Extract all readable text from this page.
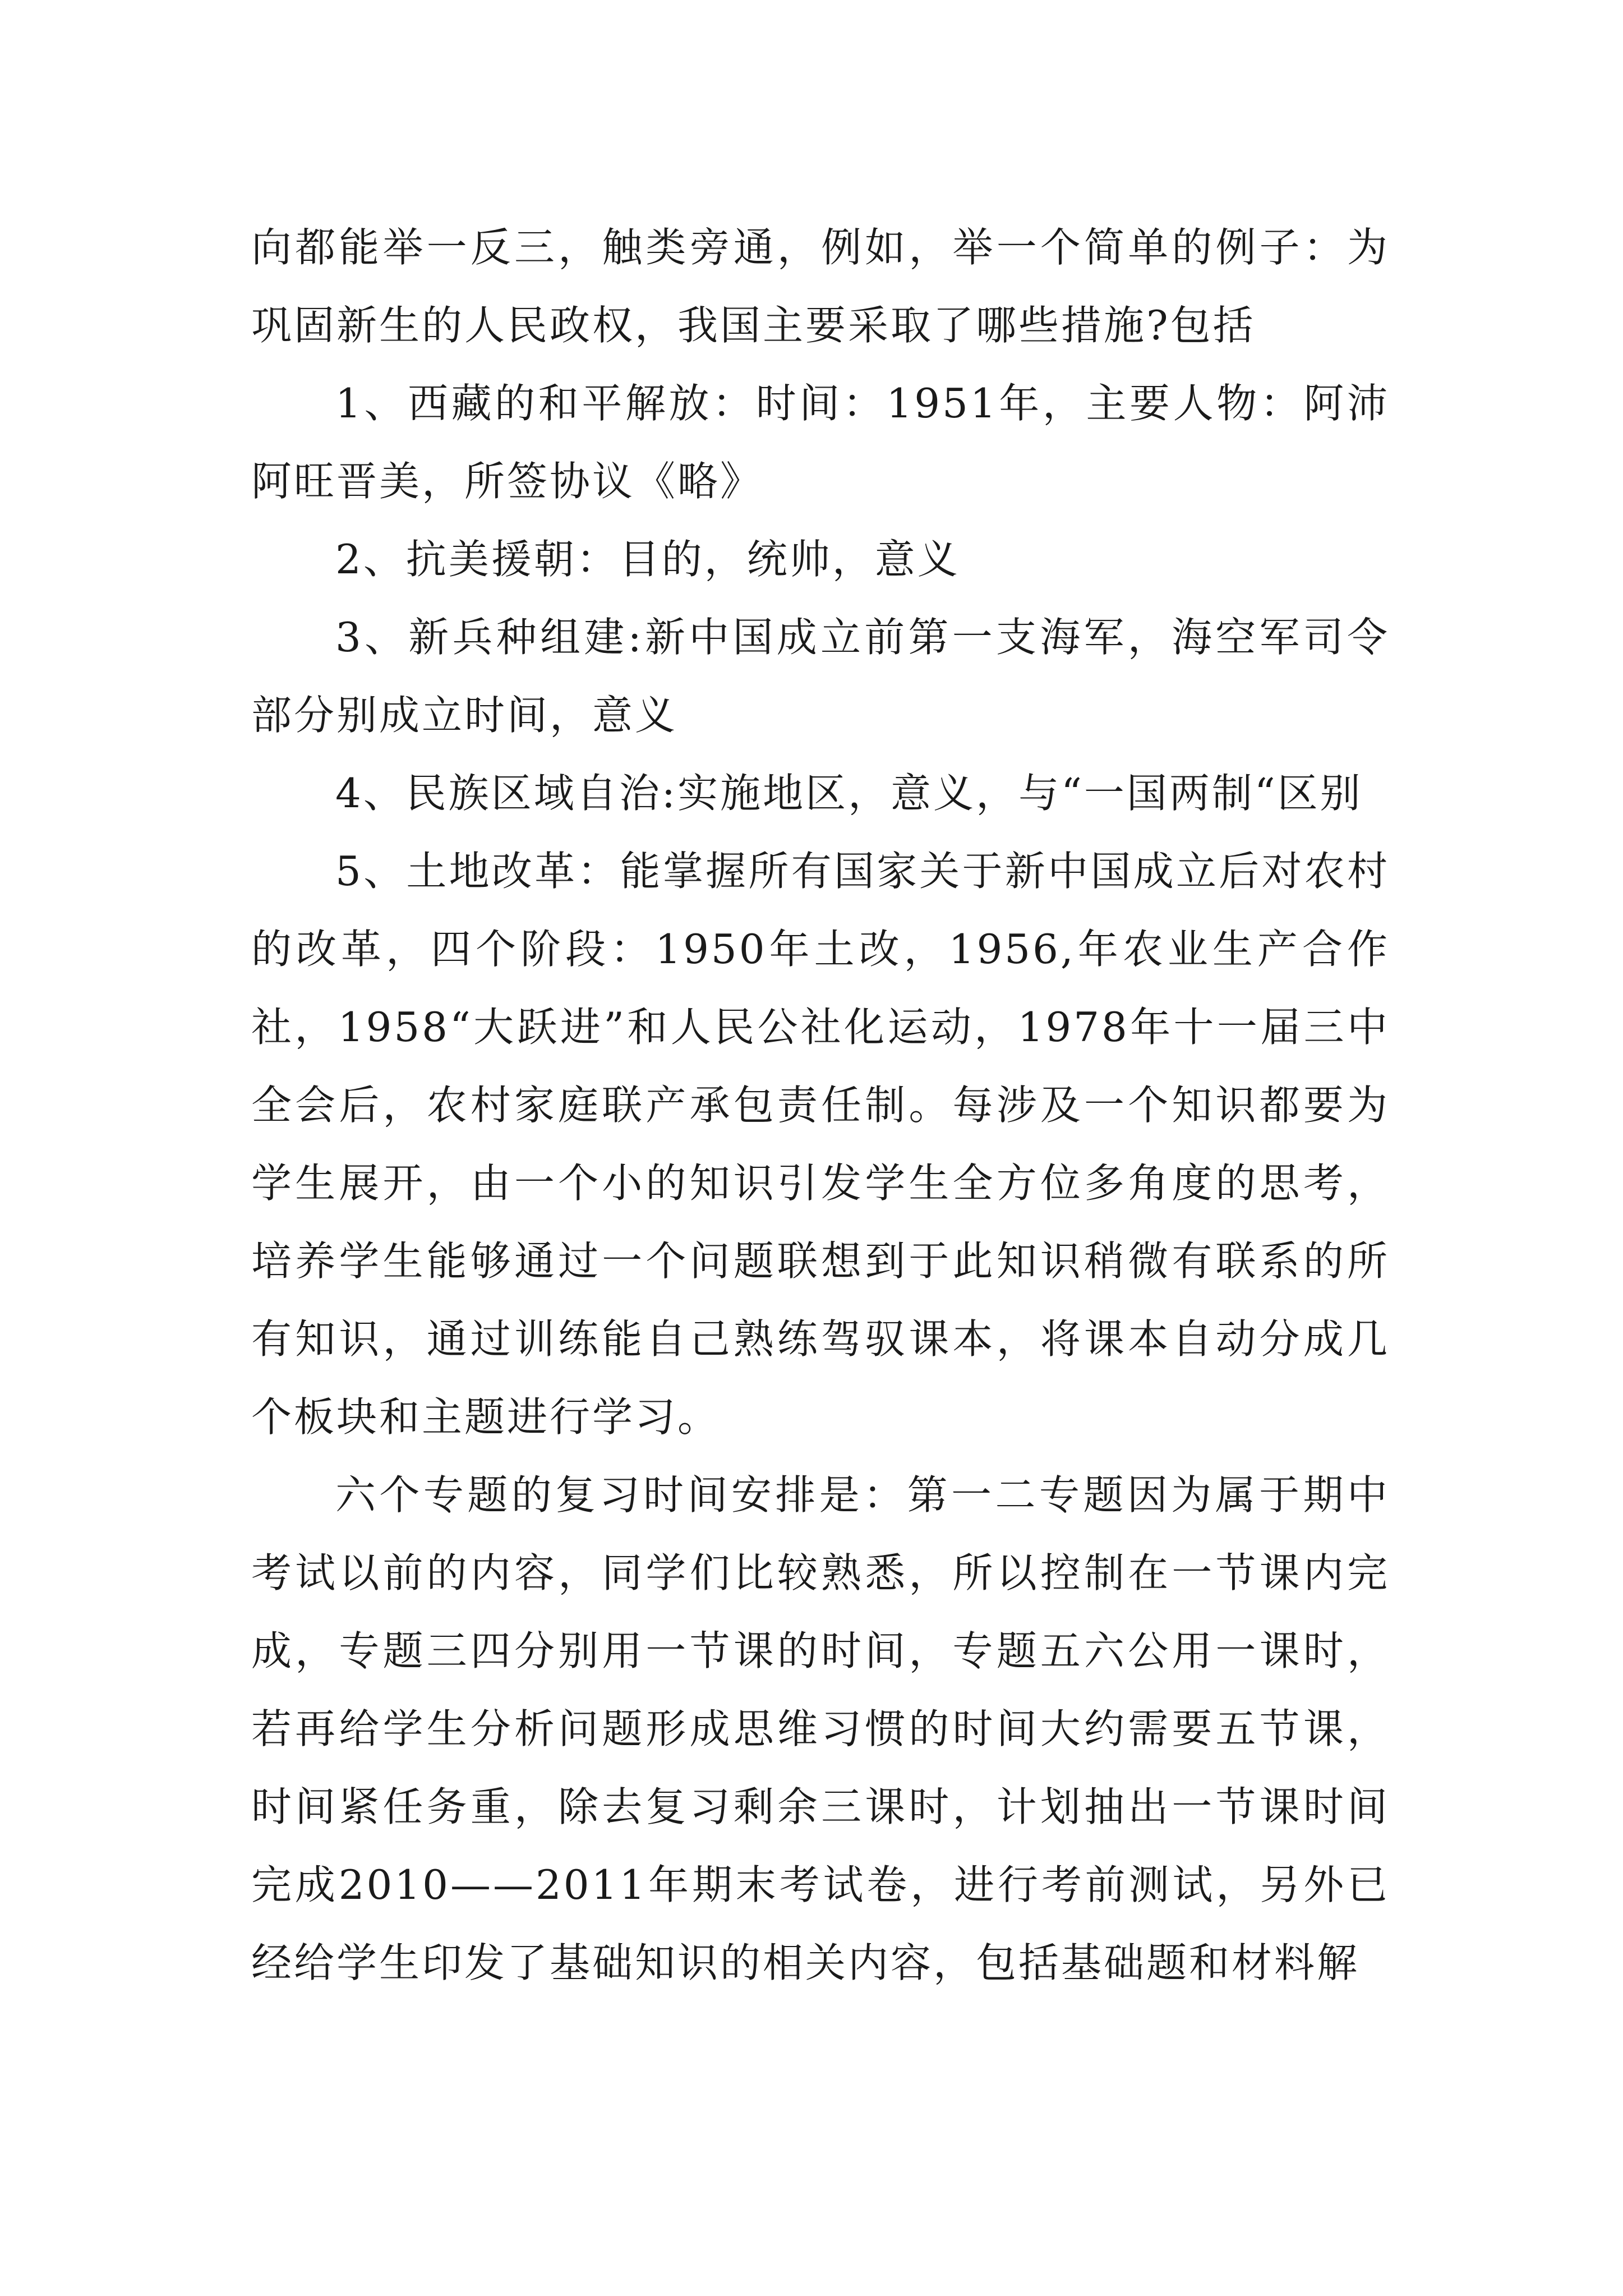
向都能举一反三，触类旁通，例如，举一个简单的例子：为巩固新生的人民政权，我国主要采取了哪些措施?包括

1、西藏的和平解放：时间：1951年，主要人物：阿沛阿旺晋美，所签协议《略》

2、抗美援朝：目的，统帅，意义

3、新兵种组建:新中国成立前第一支海军，海空军司令部分别成立时间，意义

4、民族区域自治:实施地区，意义，与“一国两制“区别

5、土地改革：能掌握所有国家关于新中国成立后对农村的改革，四个阶段：1950年土改，1956,年农业生产合作社，1958“大跃进”和人民公社化运动，1978年十一届三中全会后，农村家庭联产承包责任制。每涉及一个知识都要为学生展开，由一个小的知识引发学生全方位多角度的思考，培养学生能够通过一个问题联想到于此知识稍微有联系的所有知识，通过训练能自己熟练驾驭课本，将课本自动分成几个板块和主题进行学习。

六个专题的复习时间安排是：第一二专题因为属于期中考试以前的内容，同学们比较熟悉，所以控制在一节课内完成，专题三四分别用一节课的时间，专题五六公用一课时，若再给学生分析问题形成思维习惯的时间大约需要五节课，时间紧任务重，除去复习剩余三课时，计划抽出一节课时间完成2010——2011年期末考试卷，进行考前测试，另外已经给学生印发了基础知识的相关内容，包括基础题和材料解
